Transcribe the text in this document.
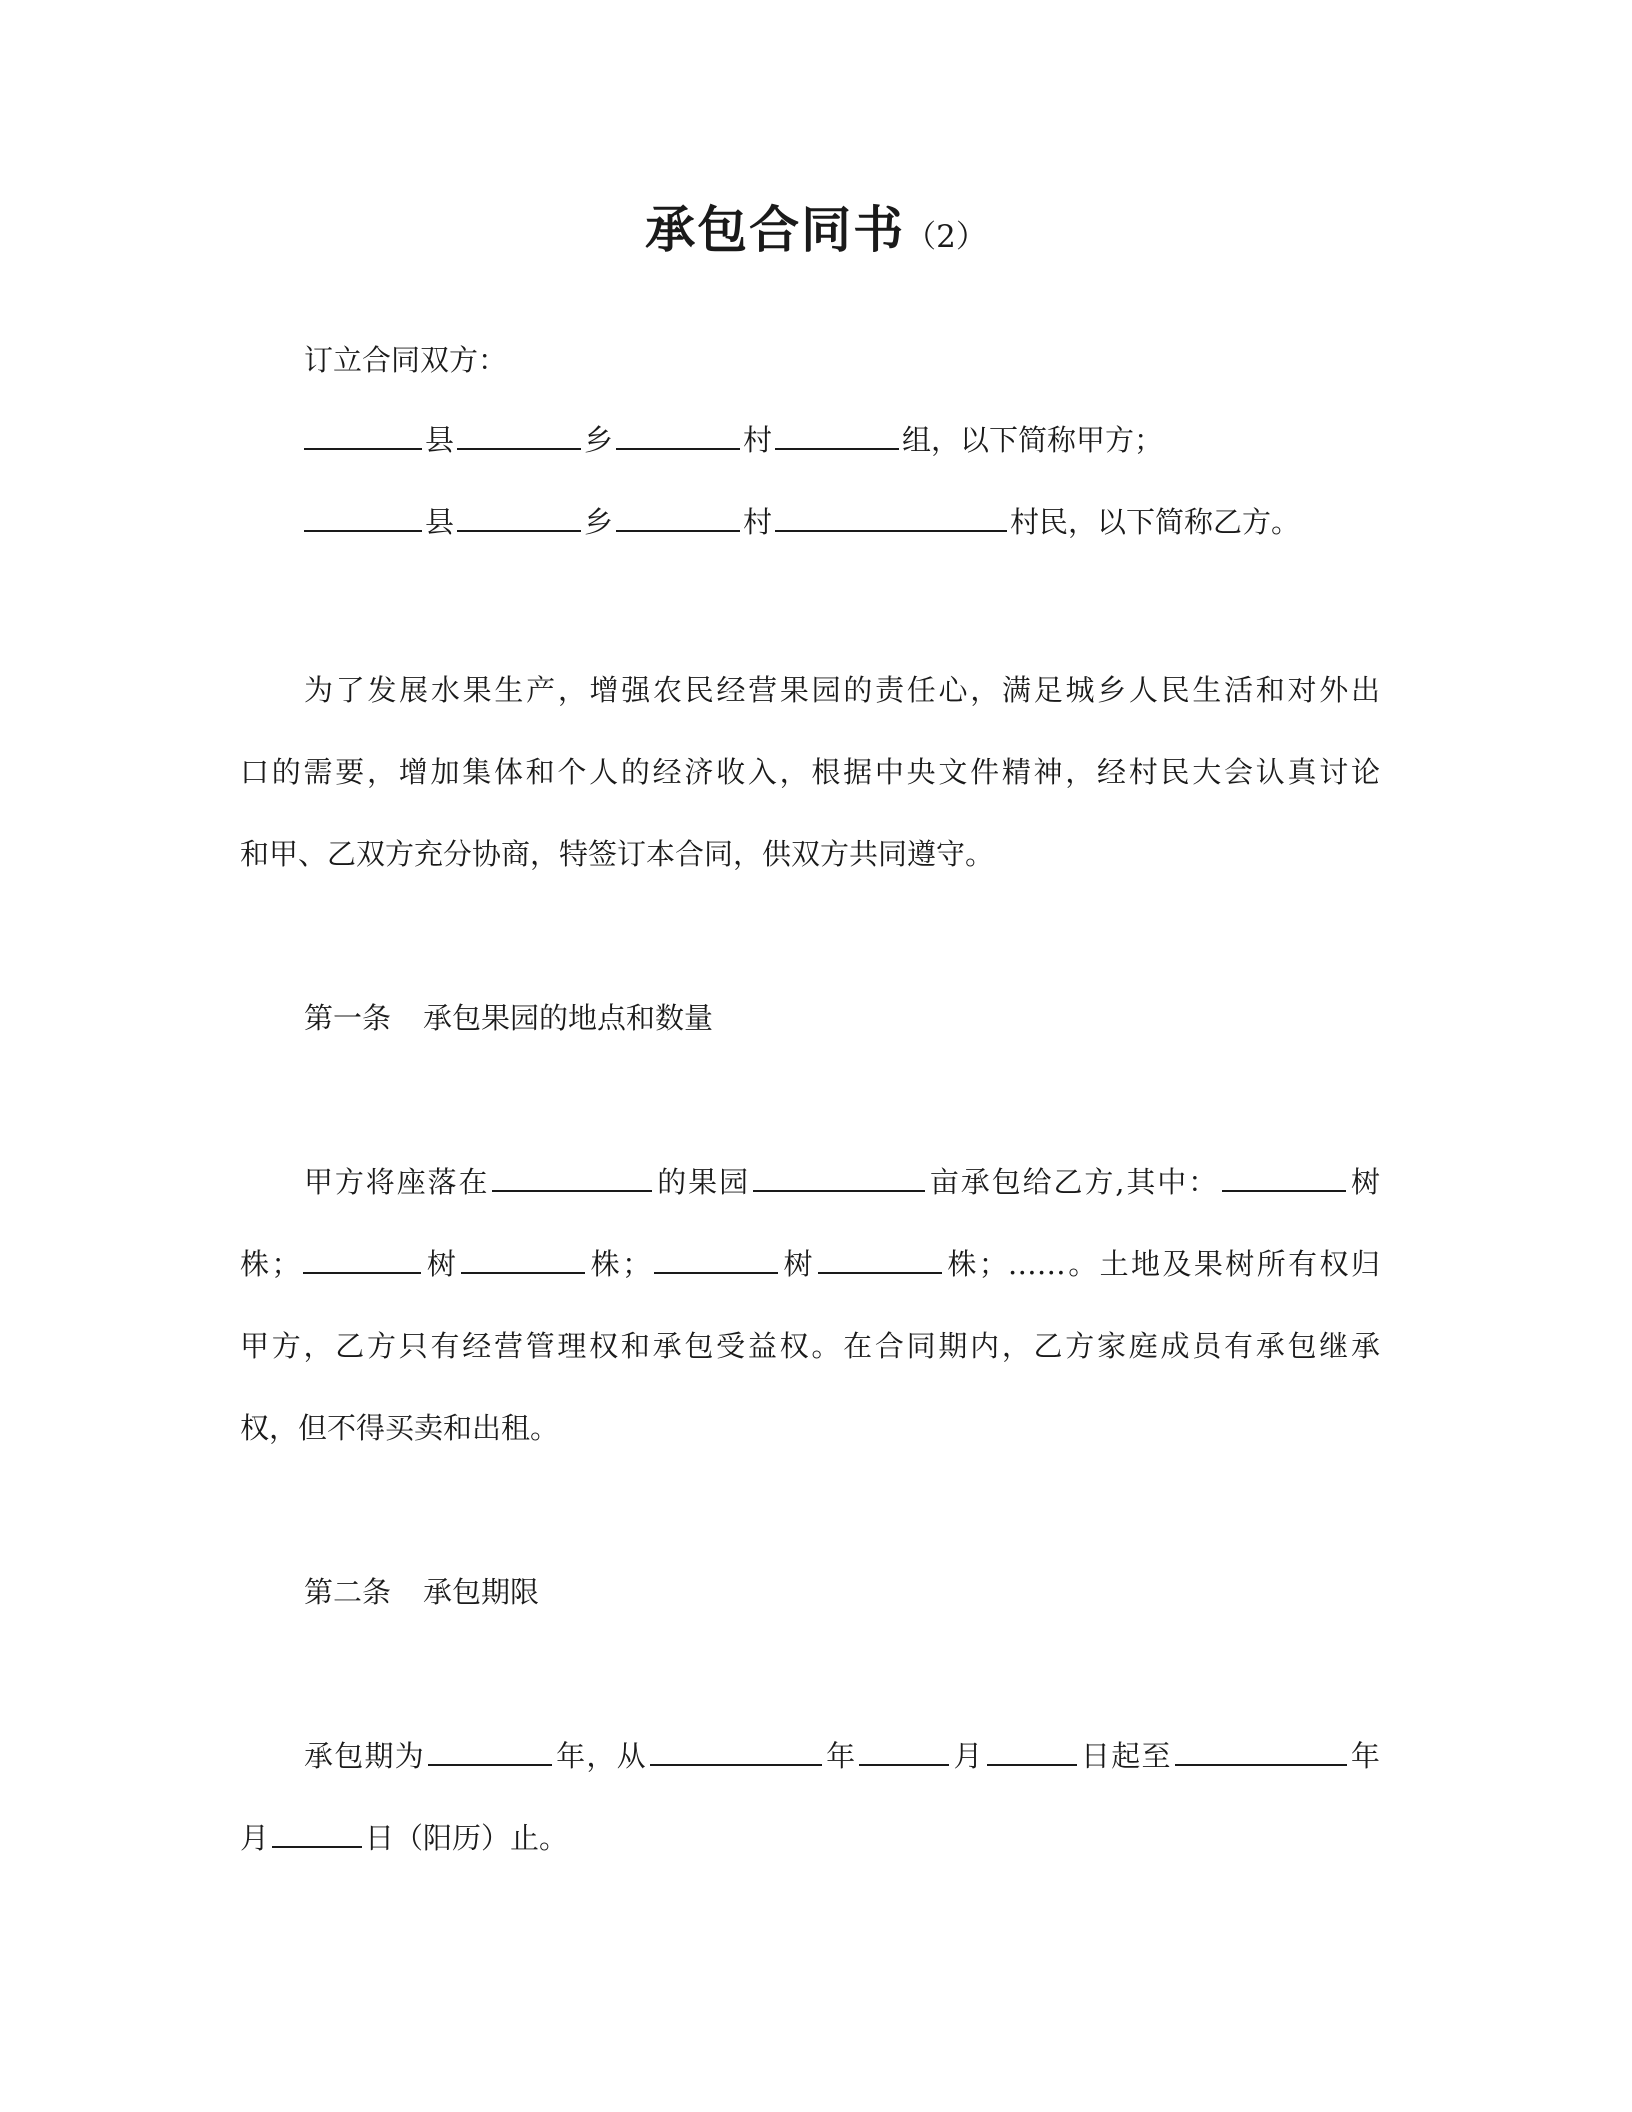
承包合同书（2）
订立合同双方：
县	乡	村	组，以下简称甲方；
县	乡	村	村民，以下简称乙方。
为了发展水果生产，增强农民经营果园的责任心，满足城乡人民生活和对外出
口的需要，增加集体和个人的经济收入，根据中央文件精神，经村民大会认真讨论
和甲、乙双方充分协商，特签订本合同，供双方共同遵守。
第一条 承包果园的地点和数量
甲方将座落在	的果园	亩承包给乙方,其中：	树
株；	树	株；	树	株；……。土地及果树所有权归
甲方，乙方只有经营管理权和承包受益权。在合同期内，乙方家庭成员有承包继承
权，但不得买卖和出租。
第二条 承包期限
承包期为	年，从	年	月	日起至	年
月	日（阳历）止。
